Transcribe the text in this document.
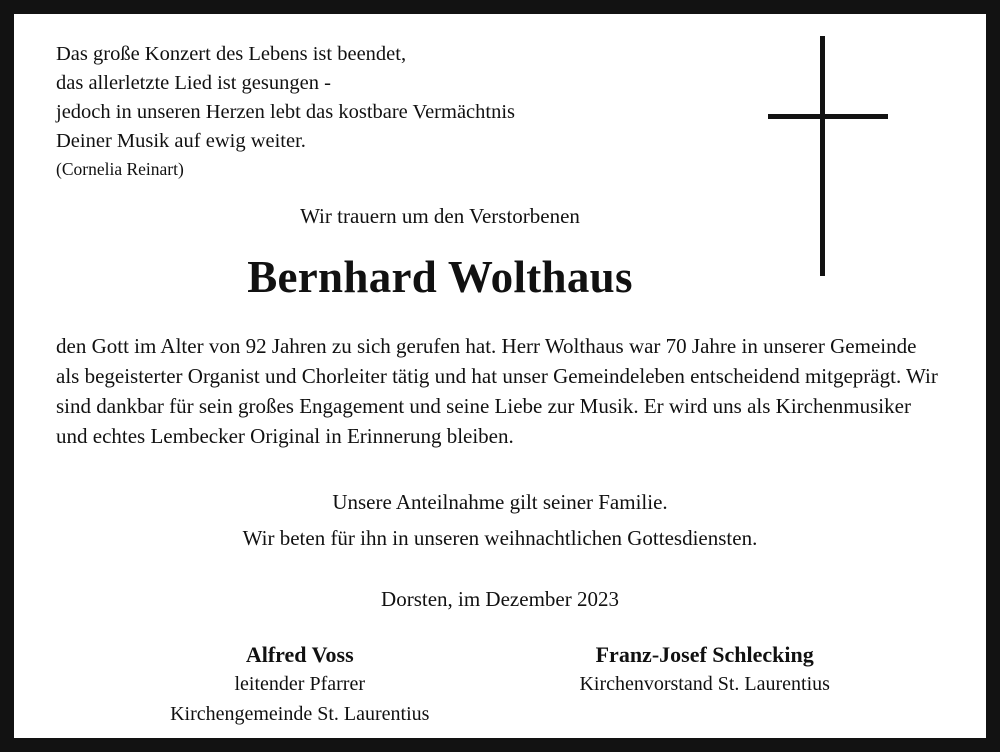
Das große Konzert des Lebens ist beendet,
das allerletzte Lied ist gesungen -
jedoch in unseren Herzen lebt das kostbare Vermächtnis
Deiner Musik auf ewig weiter.
(Cornelia Reinart)
Wir trauern um den Verstorbenen
Bernhard Wolthaus
den Gott im Alter von 92 Jahren zu sich gerufen hat. Herr Wolthaus war 70 Jahre in unserer Gemeinde als begeisterter Organist und Chorleiter tätig und hat unser Gemeindeleben entscheidend mitgeprägt. Wir sind dankbar für sein großes Engagement und seine Liebe zur Musik. Er wird uns als Kirchenmusiker und echtes Lembecker Original in Erinnerung bleiben.
Unsere Anteilnahme gilt seiner Familie.
Wir beten für ihn in unseren weihnachtlichen Gottesdiensten.
Dorsten, im Dezember 2023
Alfred Voss
leitender Pfarrer
Kirchengemeinde St. Laurentius
Franz-Josef Schlecking
Kirchenvorstand St. Laurentius
